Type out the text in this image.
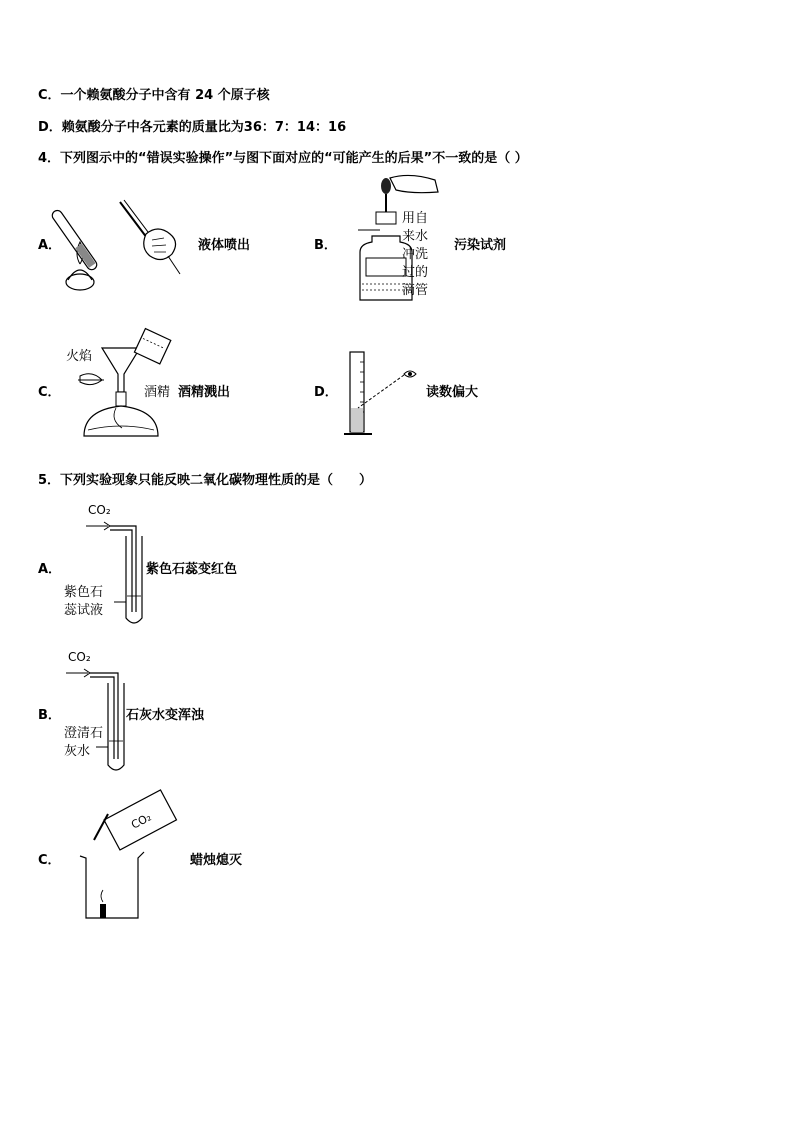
C．一个赖氨酸分子中含有 24 个原子核
D．赖氨酸分子中各元素的质量比为36：7：14：16
4．下列图示中的“错误实验操作”与图下面对应的“可能产生的后果”不一致的是（ ）
A．	液体喷出	B．
用自
来水
冲洗
过的
滴管
污染试剂
C．
火焰
酒精 酒精溅出	D．	读数偏大
5．下列实验现象只能反映二氧化碳物理性质的是（　　）
A．
CO₂
紫色石
蕊试液
紫色石蕊变红色
B．
CO₂
澄清石
灰水
石灰水变浑浊
C．
CO₂
蜡烛熄灭
